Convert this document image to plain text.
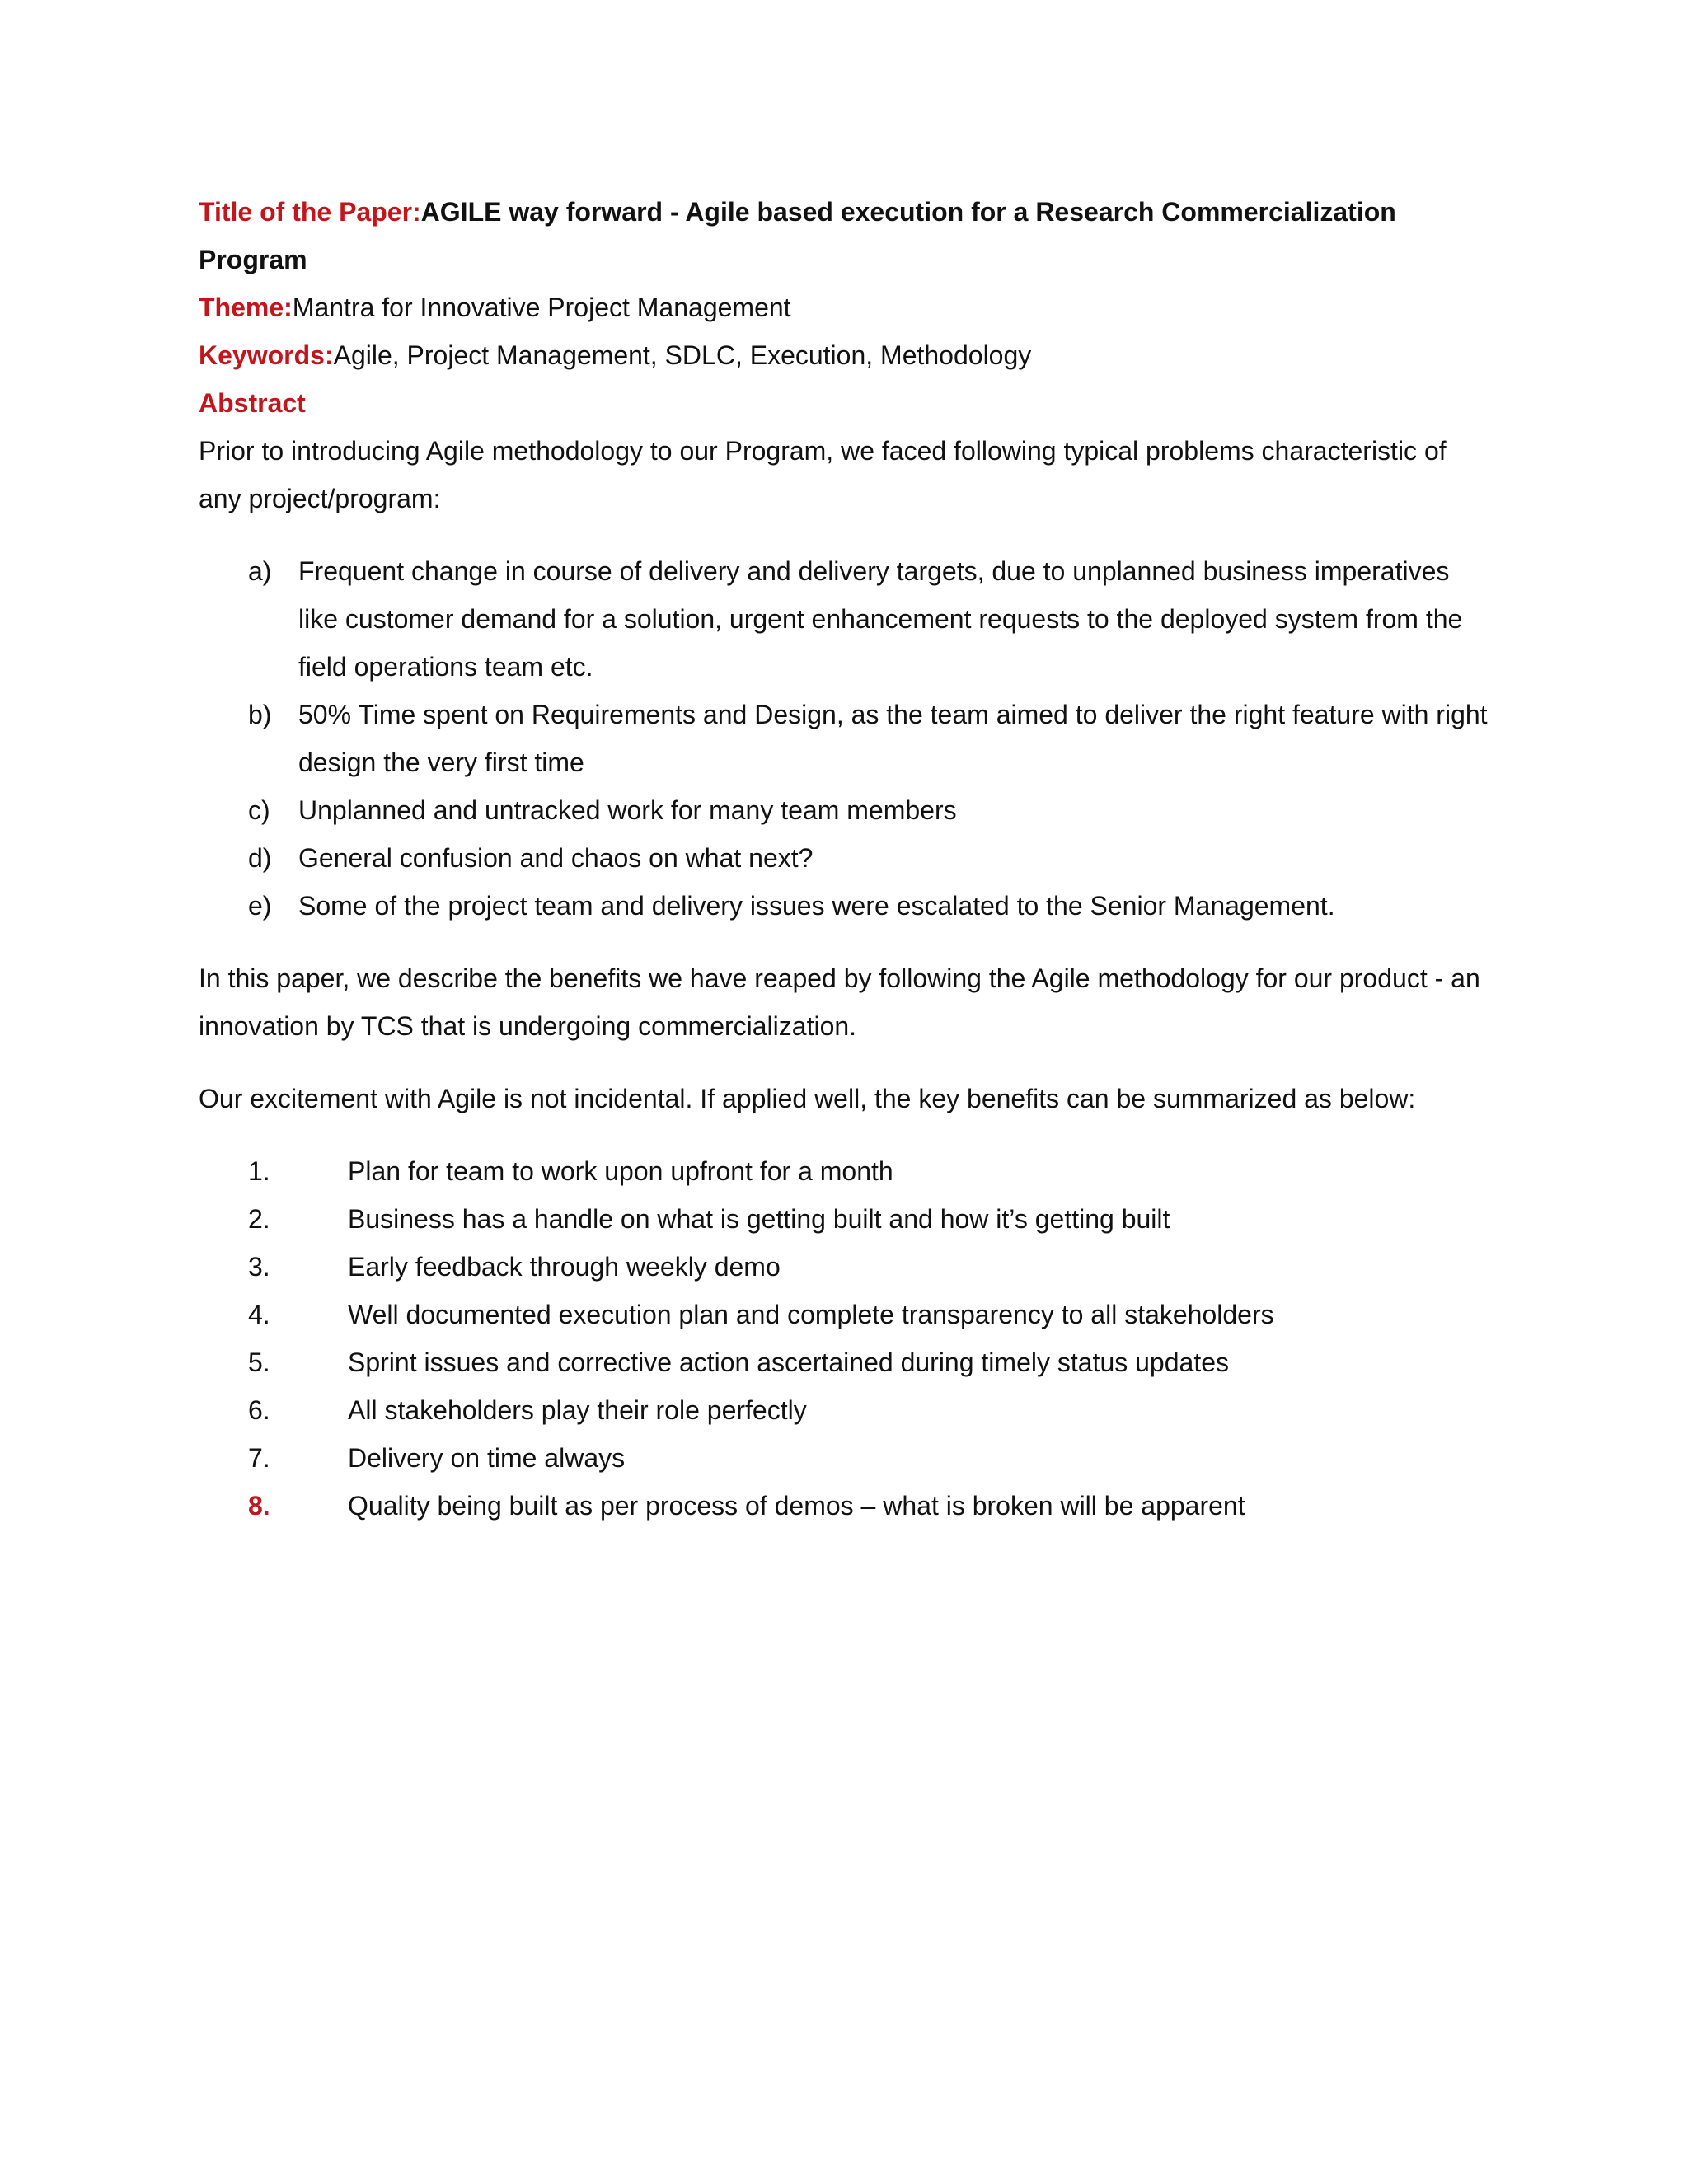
Title of the Paper:AGILE way forward - Agile based execution for a Research Commercialization Program

Theme:Mantra for Innovative Project Management

Keywords:Agile, Project Management, SDLC, Execution, Methodology

Abstract

Prior to introducing Agile methodology to our Program, we faced following typical problems characteristic of any project/program:

a) Frequent change in course of delivery and delivery targets, due to unplanned business imperatives like customer demand for a solution, urgent enhancement requests to the deployed system from the field operations team etc.
b) 50% Time spent on Requirements and Design, as the team aimed to deliver the right feature with right design the very first time
c) Unplanned and untracked work for many team members
d) General confusion and chaos on what next?
e) Some of the project team and delivery issues were escalated to the Senior Management.

In this paper, we describe the benefits we have reaped by following the Agile methodology for our product - an innovation by TCS that is undergoing commercialization.

Our excitement with Agile is not incidental. If applied well, the key benefits can be summarized as below:

1.	Plan for team to work upon upfront for a month
2.	Business has a handle on what is getting built and how it’s getting built
3.	Early feedback through weekly demo
4.	Well documented execution plan and complete transparency to all stakeholders
5.	Sprint issues and corrective action ascertained during timely status updates
6.	All stakeholders play their role perfectly
7.	Delivery on time always
8.	Quality being built as per process of demos – what is broken will be apparent
